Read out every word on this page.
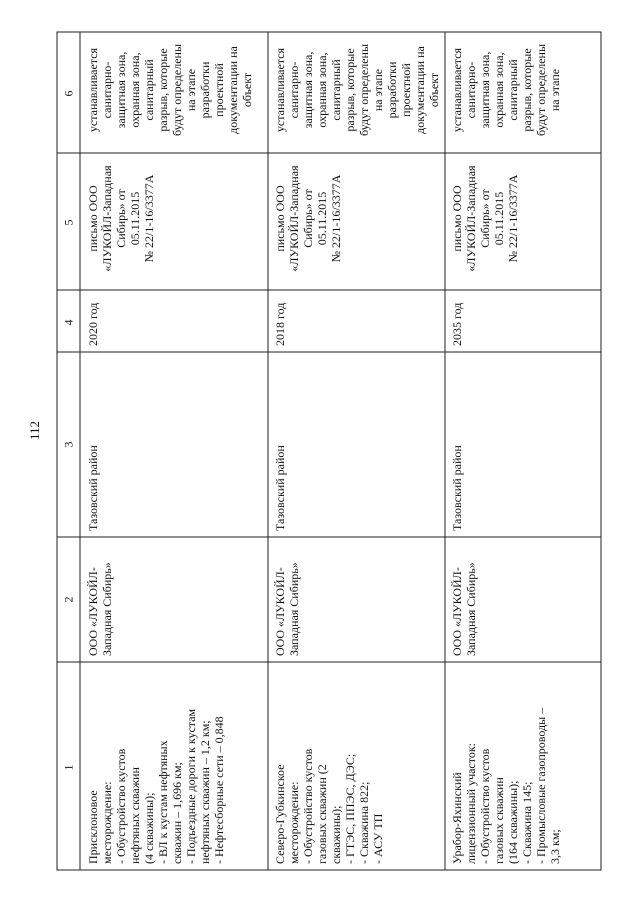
112
6
5
4
3
2
1
Присклоновое месторождение: - Обустройство кустов нефтяных скважин (4 скважины); - ВЛ к кустам нефтяных скважин – 1,696 км; - Подъездные дороги к кустам нефтяных скважин – 1,2 км; - Нефтесборные сети – 0,848
ООО «ЛУКОЙЛ- Западная Сибирь»
Тазовский район
2020 год
письмо ООО «ЛУКОЙЛ-Западная Сибирь» от 05.11.2015 № 22/1-16/3377А
устанавливается санитарно- защитная зона, охранная зона, санитарный разрыв, которые будут определены на этапе разработки проектной документации на объект
Северо-Губкинское месторождение: - Обустройство кустов газовых скважин (2 скважины); - ГТЭС, ППЭС, ДЭС; - Скважина 822; - АСУ ТП
ООО «ЛУКОЙЛ- Западная Сибирь»
Тазовский район
2018 год
письмо ООО «ЛУКОЙЛ-Западная Сибирь» от 05.11.2015 № 22/1-16/3377А
устанавливается санитарно- защитная зона, охранная зона, санитарный разрыв, которые будут определены на этапе разработки проектной документации на объект
Урабор-Яхинский лицензионный участок: - Обустройство кустов газовых скважин (164 скважины); - Скважина 145; - Промысловые газопроводы – 3,3 км;
ООО «ЛУКОЙЛ- Западная Сибирь»
Тазовский район
2035 год
письмо ООО «ЛУКОЙЛ-Западная Сибирь» от 05.11.2015 № 22/1-16/3377А
устанавливается санитарно- защитная зона, охранная зона, санитарный разрыв, которые будут определены на этапе
